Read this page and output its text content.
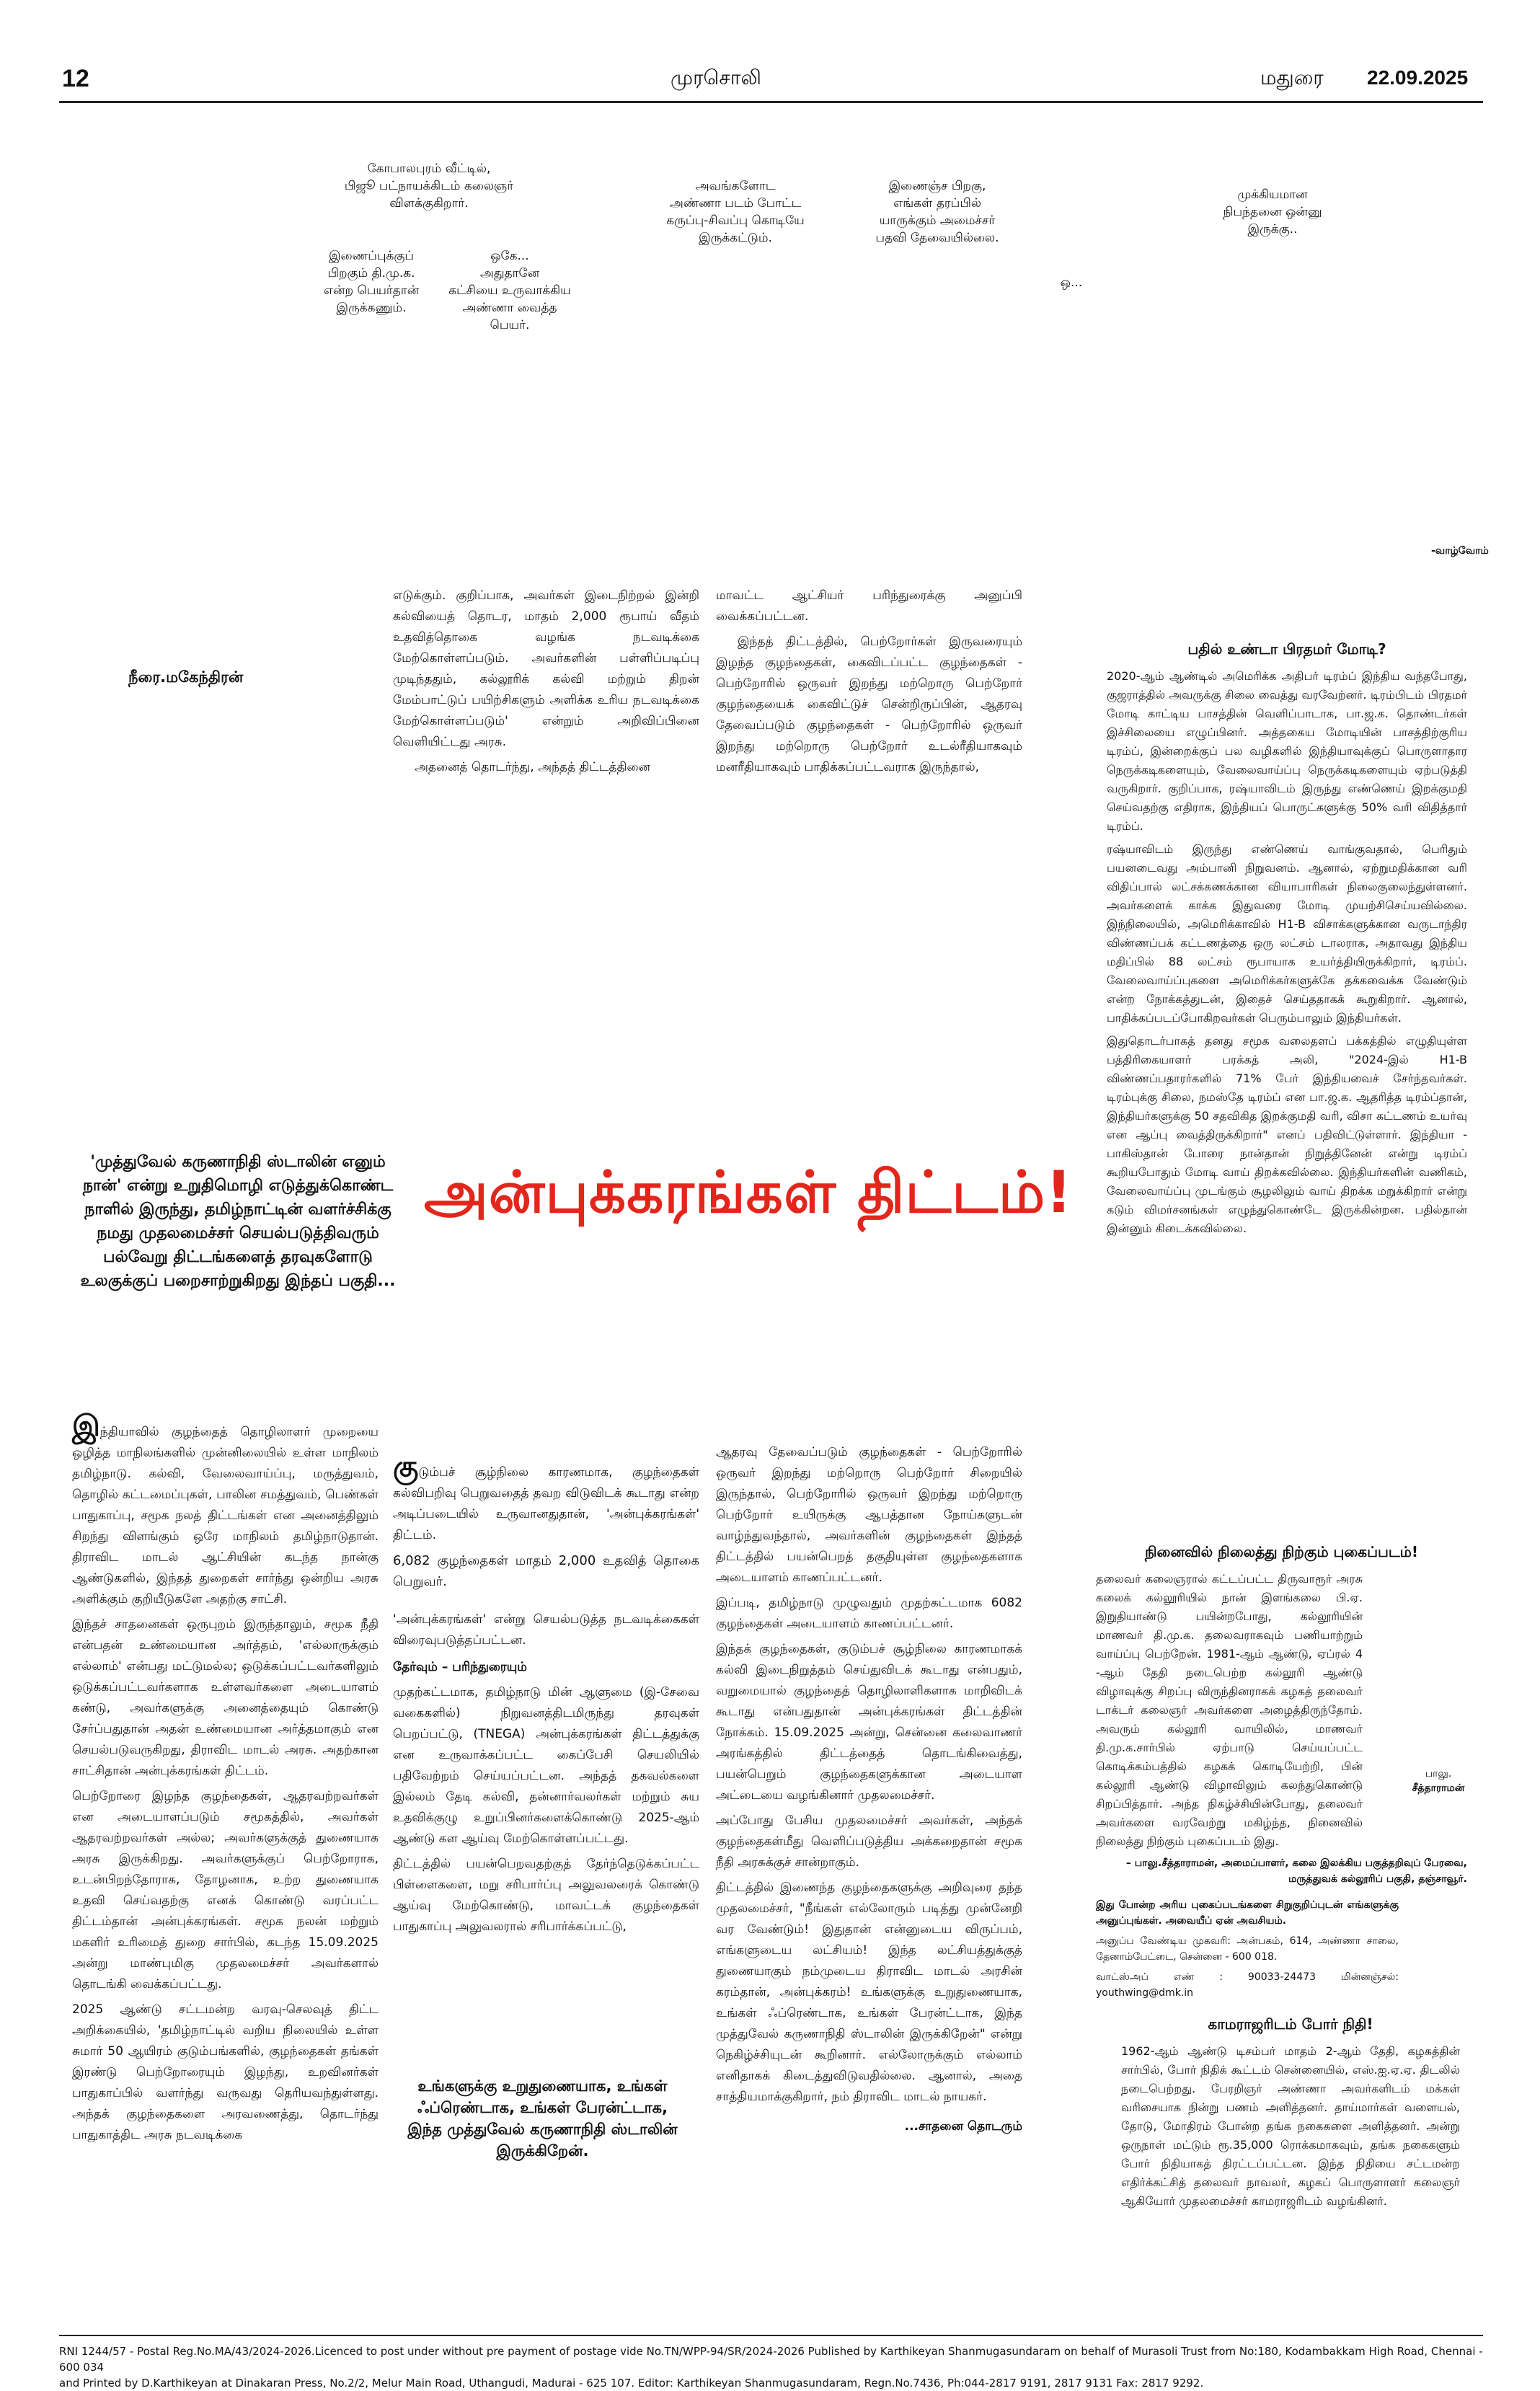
12	முரசொலி	மதுரை 22.09.2025
கோபாலபுரம் வீட்டில்,
பிஜூ பட்நாயக்கிடம் கலைஞர்
விளக்குகிறார்.
இணைப்புக்குப்
பிறகும் தி.மு.க.
என்ற பெயர்தான்
இருக்கணும்.
ஒகே...
அதுதானே
கட்சியை உருவாக்கிய
அண்ணா வைத்த
பெயர்.
அவங்களோட
அண்ணா படம் போட்ட
கருப்பு-சிவப்பு கொடியே
இருக்கட்டும்.
இணைஞ்ச பிறகு,
எங்கள் தரப்பில்
யாருக்கும் அமைச்சர்
பதவி தேவையில்லை.
முக்கியமான
நிபந்தனை ஒன்னு
இருக்கு..
ஒ...
-வாழ்வோம்
நீரை.மகேந்திரன்

எடுக்கும். குறிப்பாக, அவர்கள் இடைநிற்றல் இன்றி கல்வியைத் தொடர, மாதம் 2,000 ரூபாய் வீதம் உதவித்தொகை வழங்க நடவடிக்கை மேற்கொள்ளப்படும். அவர்களின் பள்ளிப்படிப்பு முடிந்ததும், கல்லூரிக் கல்வி மற்றும் திறன் மேம்பாட்டுப் பயிற்சிகளும் அளிக்க உரிய நடவடிக்கை மேற்கொள்ளப்படும்' என்றும் அறிவிப்பினை வெளியிட்டது அரசு.

அதனைத் தொடர்ந்து, அந்தத் திட்டத்தினை

மாவட்ட ஆட்சியர் பரிந்துரைக்கு அனுப்பி வைக்கப்பட்டன.

இந்தத் திட்டத்தில், பெற்றோர்கள் இருவரையும் இழந்த குழந்தைகள், கைவிடப்பட்ட குழந்தைகள் - பெற்றோரில் ஒருவர் இறந்து மற்றொரு பெற்றோர் குழந்தையைக் கைவிட்டுச் சென்றிருப்பின், ஆதரவு தேவைப்படும் குழந்தைகள் - பெற்றோரில் ஒருவர் இறந்து மற்றொரு பெற்றோர் உடல்ரீதியாகவும் மனரீதியாகவும் பாதிக்கப்பட்டவராக இருந்தால்,

பதில் உண்டா பிரதமர் மோடி?

2020-ஆம் ஆண்டில் அமெரிக்க அதிபர் டிரம்ப் இந்திய வந்தபோது, குஜராத்தில் அவருக்கு சிலை வைத்து வரவேற்னர். டிரம்பிடம் பிரதமர் மோடி காட்டிய பாசத்தின் வெளிப்பாடாக, பா.ஜ.க. தொண்டர்கள் இச்சிலையை எழுப்பினர். அத்தகைய மோடியின் பாசத்திற்குரிய டிரம்ப், இன்றைக்குப் பல வழிகளில் இந்தியாவுக்குப் பொருளாதார நெருக்கடிகளையும், வேலைவாய்ப்பு நெருக்கடிகளையும் ஏற்படுத்தி வருகிறார். குறிப்பாக, ரஷ்யாவிடம் இருந்து எண்ணெய் இறக்குமதி செய்வதற்கு எதிராக, இந்தியப் பொருட்களுக்கு 50% வரி விதித்தார் டிரம்ப்.

ரஷ்யாவிடம் இருந்து எண்ணெய் வாங்குவதால், பெரிதும் பயனடைவது அம்பானி நிறுவனம். ஆனால், ஏற்றுமதிக்கான வரி விதிப்பால் லட்சக்கணக்கான வியாபாரிகள் நிலைகுலைந்துள்ளனர். அவர்களைக் காக்க இதுவரை மோடி முயற்சிசெய்யவில்லை. இந்நிலையில், அமெரிக்காவில் H1-B விசாக்களுக்கான வருடாந்திர விண்ணப்பக் கட்டணத்தை ஒரு லட்சம் டாலராக, அதாவது இந்திய மதிப்பில் 88 லட்சம் ரூபாயாக உயர்த்தியிருக்கிறார், டிரம்ப். வேலைவாய்ப்புகளை அமெரிக்கர்களுக்கே தக்கவைக்க வேண்டும் என்ற நோக்கத்துடன், இதைச் செய்ததாகக் கூறுகிறார். ஆனால், பாதிக்கப்படப்போகிறவர்கள் பெரும்பாலும் இந்தியர்கள்.

இதுதொடர்பாகத் தனது சமூக வலைதளப் பக்கத்தில் எழுதியுள்ள பத்திரிகையாளர் பரக்கத் அலி, "2024-இல் H1-B விண்ணப்பதாரர்களில் 71% பேர் இந்தியவைச் சேர்ந்தவர்கள். டிரம்புக்கு சிலை, நமஸ்தே டிரம்ப் என பா.ஜ.க. ஆதரித்த டிரம்ப்தான், இந்தியர்களுக்கு 50 சதவிகித இறக்குமதி வரி, விசா கட்டணம் உயர்வு என ஆப்பு வைத்திருக்கிறார்" எனப் பதிவிட்டுள்ளார். இந்தியா - பாகிஸ்தான் போரை நான்தான் நிறுத்தினேன் என்று டிரம்ப் கூறியபோதும் மோடி வாய் திறக்கவில்லை. இந்தியர்களின் வணிகம், வேலைவாய்ப்பு முடங்கும் சூழலிலும் வாய் திறக்க மறுக்கிறார் என்று கடும் விமர்சனங்கள் எழுந்துகொண்டே இருக்கின்றன. பதில்தான் இன்னும் கிடைக்கவில்லை.

அன்புக்கரங்கள் திட்டம்!
'முத்துவேல் கருணாநிதி ஸ்டாலின் எனும் நான்' என்று உறுதிமொழி எடுத்துக்கொண்ட நாளில் இருந்து, தமிழ்நாட்டின் வளர்ச்சிக்கு நமது முதலமைச்சர் செயல்படுத்திவரும் பல்வேறு திட்டங்களைத் தரவுகளோடு உலகுக்குப் பறைசாற்றுகிறது இந்தப் பகுதி...

இந்தியாவில் குழந்தைத் தொழிலாளர் முறையை ஒழித்த மாநிலங்களில் முன்னிலையில் உள்ள மாநிலம் தமிழ்நாடு. கல்வி, வேலைவாய்ப்பு, மருத்துவம், தொழில் கட்டமைப்புகள், பாலின சமத்துவம், பெண்கள் பாதுகாப்பு, சமூக நலத் திட்டங்கள் என அனைத்திலும் சிறந்து விளங்கும் ஒரே மாநிலம் தமிழ்நாடுதான். திராவிட மாடல் ஆட்சியின் கடந்த நான்கு ஆண்டுகளில், இந்தத் துறைகள் சார்ந்து ஒன்றிய அரசு அளிக்கும் குறியீடுகளே அதற்கு சாட்சி.

இந்தச் சாதனைகள் ஒருபுறம் இருந்தாலும், சமூக நீதி என்பதன் உண்மையான அர்த்தம், 'எல்லாருக்கும் எல்லாம்' என்பது மட்டுமல்ல; ஒடுக்கப்பட்டவர்களிலும் ஒடுக்கப்பட்டவர்களாக உள்ளவர்களை அடையாளம் கண்டு, அவர்களுக்கு அனைத்தையும் கொண்டு சேர்ப்பதுதான் அதன் உண்மையான அர்த்தமாகும் என செயல்படுவருகிறது, திராவிட மாடல் அரசு. அதற்கான சாட்சிதான் அன்புக்கரங்கள் திட்டம்.

பெற்றோரை இழந்த குழந்தைகள், ஆதரவற்றவர்கள் என அடையாளப்படும் சமூகத்தில், அவர்கள் ஆதரவற்றவர்கள் அல்ல; அவர்களுக்குத் துணையாக அரசு இருக்கிறது. அவர்களுக்குப் பெற்றோராக, உடன்பிறந்தோராக, தோழனாக, உற்ற துணையாக உதவி செய்வதற்கு எனக் கொண்டு வரப்பட்ட திட்டம்தான் அன்புக்கரங்கள். சமூக நலன் மற்றும் மகளிர் உரிமைத் துறை சார்பில், கடந்த 15.09.2025 அன்று மாண்புமிகு முதலமைச்சர் அவர்களால் தொடங்கி வைக்கப்பட்டது.

2025 ஆண்டு சட்டமன்ற வரவு-செலவுத் திட்ட அறிக்கையில், 'தமிழ்நாட்டில் வறிய நிலையில் உள்ள சுமார் 50 ஆயிரம் குடும்பங்களில், குழந்தைகள் தங்கள் இரண்டு பெற்றோரையும் இழந்து, உறவினர்கள் பாதுகாப்பில் வளர்ந்து வருவது தெரியவந்துள்ளது. அந்தக் குழந்தைகளை அரவணைத்து, தொடர்ந்து பாதுகாத்திட அரசு நடவடிக்கை

குடும்பச் சூழ்நிலை காரணமாக, குழந்தைகள் கல்விபறிவு பெறுவதைத் தவற விடுவிடக் கூடாது என்ற அடிப்படையில் உருவானதுதான், 'அன்புக்கரங்கள்' திட்டம்.

6,082 குழந்தைகள் மாதம் 2,000 உதவித் தொகை பெறுவர்.

'அன்புக்கரங்கள்' என்று செயல்படுத்த நடவடிக்கைகள் விரைவுபடுத்தப்பட்டன.

தேர்வும் – பரிந்துரையும்

முதற்கட்டமாக, தமிழ்நாடு மின் ஆளுமை (இ-சேவை வகைகளில்) நிறுவனத்திடமிருந்து தரவுகள் பெறப்பட்டு, (TNEGA) அன்புக்கரங்கள் திட்டத்துக்கு என உருவாக்கப்பட்ட கைப்பேசி செயலியில் பதிவேற்றம் செய்யப்பட்டன. அந்தத் தகவல்களை இல்லம் தேடி கல்வி, தன்னார்வலர்கள் மற்றும் சுய உதவிக்குழு உறுப்பினர்களைக்கொண்டு 2025-ஆம் ஆண்டு கள ஆய்வு மேற்கொள்ளப்பட்டது.

திட்டத்தில் பயன்பெறவதற்குத் தேர்ந்தெடுக்கப்பட்ட பிள்ளைகளை, மறு சரிபார்ப்பு அலுவலரைக் கொண்டு ஆய்வு மேற்கொண்டு, மாவட்டக் குழந்தைகள் பாதுகாப்பு அலுவலரால் சரிபார்க்கப்பட்டு,

உங்களுக்கு உறுதுணையாக, உங்கள் ஃப்ரெண்டாக, உங்கள் பேரன்ட்டாக, இந்த முத்துவேல் கருணாநிதி ஸ்டாலின் இருக்கிறேன்.

ஆதரவு தேவைப்படும் குழந்தைகள் - பெற்றோரில் ஒருவர் இறந்து மற்றொரு பெற்றோர் சிறையில் இருந்தால், பெற்றோரில் ஒருவர் இறந்து மற்றொரு பெற்றோர் உயிருக்கு ஆபத்தான நோய்களுடன் வாழ்ந்துவந்தால், அவர்களின் குழந்தைகள் இந்தத் திட்டத்தில் பயன்பெறத் தகுதியுள்ள குழந்தைகளாக அடையாளம் காணப்பட்டனர்.

இப்படி, தமிழ்நாடு முழுவதும் முதற்கட்டமாக 6082 குழந்தைகள் அடையாளம் காணப்பட்டனர்.

இந்தக் குழந்தைகள், குடும்பச் சூழ்நிலை காரணமாகக் கல்வி இடைநிறுத்தம் செய்துவிடக் கூடாது என்பதும், வறுமையால் குழந்தைத் தொழிலாளிகளாக மாறிவிடக் கூடாது என்பதுதான் அன்புக்கரங்கள் திட்டத்தின் நோக்கம். 15.09.2025 அன்று, சென்னை கலைவாணர் அரங்கத்தில் திட்டத்தைத் தொடங்கிவைத்து, பயன்பெறும் குழந்தைகளுக்கான அடையாள அட்டையை வழங்கினார் முதலமைச்சர்.

அப்போது பேசிய முதலமைச்சர் அவர்கள், அந்தக் குழந்தைகள்மீது வெளிப்படுத்திய அக்கறைதான் சமூக நீதி அரசுக்குச் சான்றாகும்.

திட்டத்தில் இணைந்த குழந்தைகளுக்கு அறிவுரை தந்த முதலமைச்சர், "நீங்கள் எல்லோரும் படித்து முன்னேறி வர வேண்டும்! இதுதான் என்னுடைய விருப்பம், எங்களுடைய லட்சியம்! இந்த லட்சியத்துக்குத் துணையாகும் நம்முடைய திராவிட மாடல் அரசின் கரம்தான், அன்புக்கரம்! உங்களுக்கு உறுதுணையாக, உங்கள் ஃப்ரெண்டாக, உங்கள் பேரன்ட்டாக, இந்த முத்துவேல் கருணாநிதி ஸ்டாலின் இருக்கிறேன்" என்று நெகிழ்ச்சியுடன் கூறினார். எல்லோருக்கும் எல்லாம் எனிதாகக் கிடைத்துவிடுவதில்லை. ஆனால், அதை சாத்தியமாக்குகிறார், நம் திராவிட மாடல் நாயகர்.

...சாதனை தொடரும்

நினைவில் நிலைத்து நிற்கும் புகைப்படம்!

தலைவர் கலைஞரால் கட்டப்பட்ட திருவாரூர் அரசு கலைக் கல்லூரியில் நான் இளங்கலை பி.ஏ. இறுதியாண்டு பயின்றபோது, கல்லூரியின் மாணவர் தி.மு.க. தலைவராகவும் பணியாற்றும் வாய்ப்பு பெற்றேன். 1981-ஆம் ஆண்டு, ஏப்ரல் 4 -ஆம் தேதி நடைபெற்ற கல்லூரி ஆண்டு விழாவுக்கு சிறப்பு விருந்தினராகக் கழகத் தலைவர் டாக்டர் கலைஞர் அவர்களை அழைத்திருந்தோம். அவரும் கல்லூரி வாயிலில், மாணவர் தி.மு.க.சார்பில் ஏற்பாடு செய்யப்பட்ட கொடிக்கம்பத்தில் கழகக் கொடியேற்றி, பின் கல்லூரி ஆண்டு விழாவிலும் கலந்துகொண்டு சிறப்பித்தார். அந்த நிகழ்ச்சியின்போது, தலைவர் அவர்களை வரவேற்று மகிழ்ந்த, நினைவில் நிலைத்து நிற்கும் புகைப்படம் இது.

பாலு.
சீத்தாராமன்
– பாலு.சீத்தாராமன், அமைப்பாளர், கலை இலக்கிய பகுத்தறிவுப் பேரவை, மருத்துவக் கல்லூரிப் பகுதி, தஞ்சாவூர்.

இது போன்ற அரிய புகைப்படங்களை சிறுகுறிப்புடன் எங்களுக்கு அனுப்புங்கள். அவையீப் ஏன் அவசியம்.

அனுப்ப வேண்டிய முகவரி: அன்பகம், 614, அண்ணா சாலை, தேனாம்பேட்டை, சென்னை - 600 018.

வாட்ஸ்அப் எண் : 90033-24473 மின்னஞ்சல்: youthwing@dmk.in

காமராஜரிடம் போர் நிதி!
1962-ஆம் ஆண்டு டிசம்பர் மாதம் 2-ஆம் தேதி, கழகத்தின் சார்பில், போர் நிதிக் கூட்டம் சென்னையில், எஸ்.ஐ.ஏ.ஏ. திடலில் நடைபெற்றது. பேரறிஞர் அண்ணா அவர்களிடம் மக்கள் வரிசையாக நின்று பணம் அளித்தனர். தாய்மார்கள் வளையல், தோடு, மோதிரம் போன்ற தங்க நகைகளை அளித்தனர். அன்று ஒருநாள் மட்டும் ரூ.35,000 ரொக்கமாகவும், தங்க நகைகளும் போர் நிதியாகத் திரட்டப்பட்டன. இந்த நிதியை சட்டமன்ற எதிர்க்கட்சித் தலைவர் நாவலர், கழகப் பொருளாளர் கலைஞர் ஆகியோர் முதலமைச்சர் காமராஜரிடம் வழங்கினர்.
RNI 1244/57 - Postal Reg.No.MA/43/2024-2026.Licenced to post under without pre payment of postage vide No.TN/WPP-94/SR/2024-2026 Published by Karthikeyan Shanmugasundaram on behalf of Murasoli Trust from No:180, Kodambakkam High Road, Chennai - 600 034
and Printed by D.Karthikeyan at Dinakaran Press, No.2/2, Melur Main Road, Uthangudi, Madurai - 625 107. Editor: Karthikeyan Shanmugasundaram, Regn.No.7436, Ph:044-2817 9191, 2817 9131 Fax: 2817 9292.
